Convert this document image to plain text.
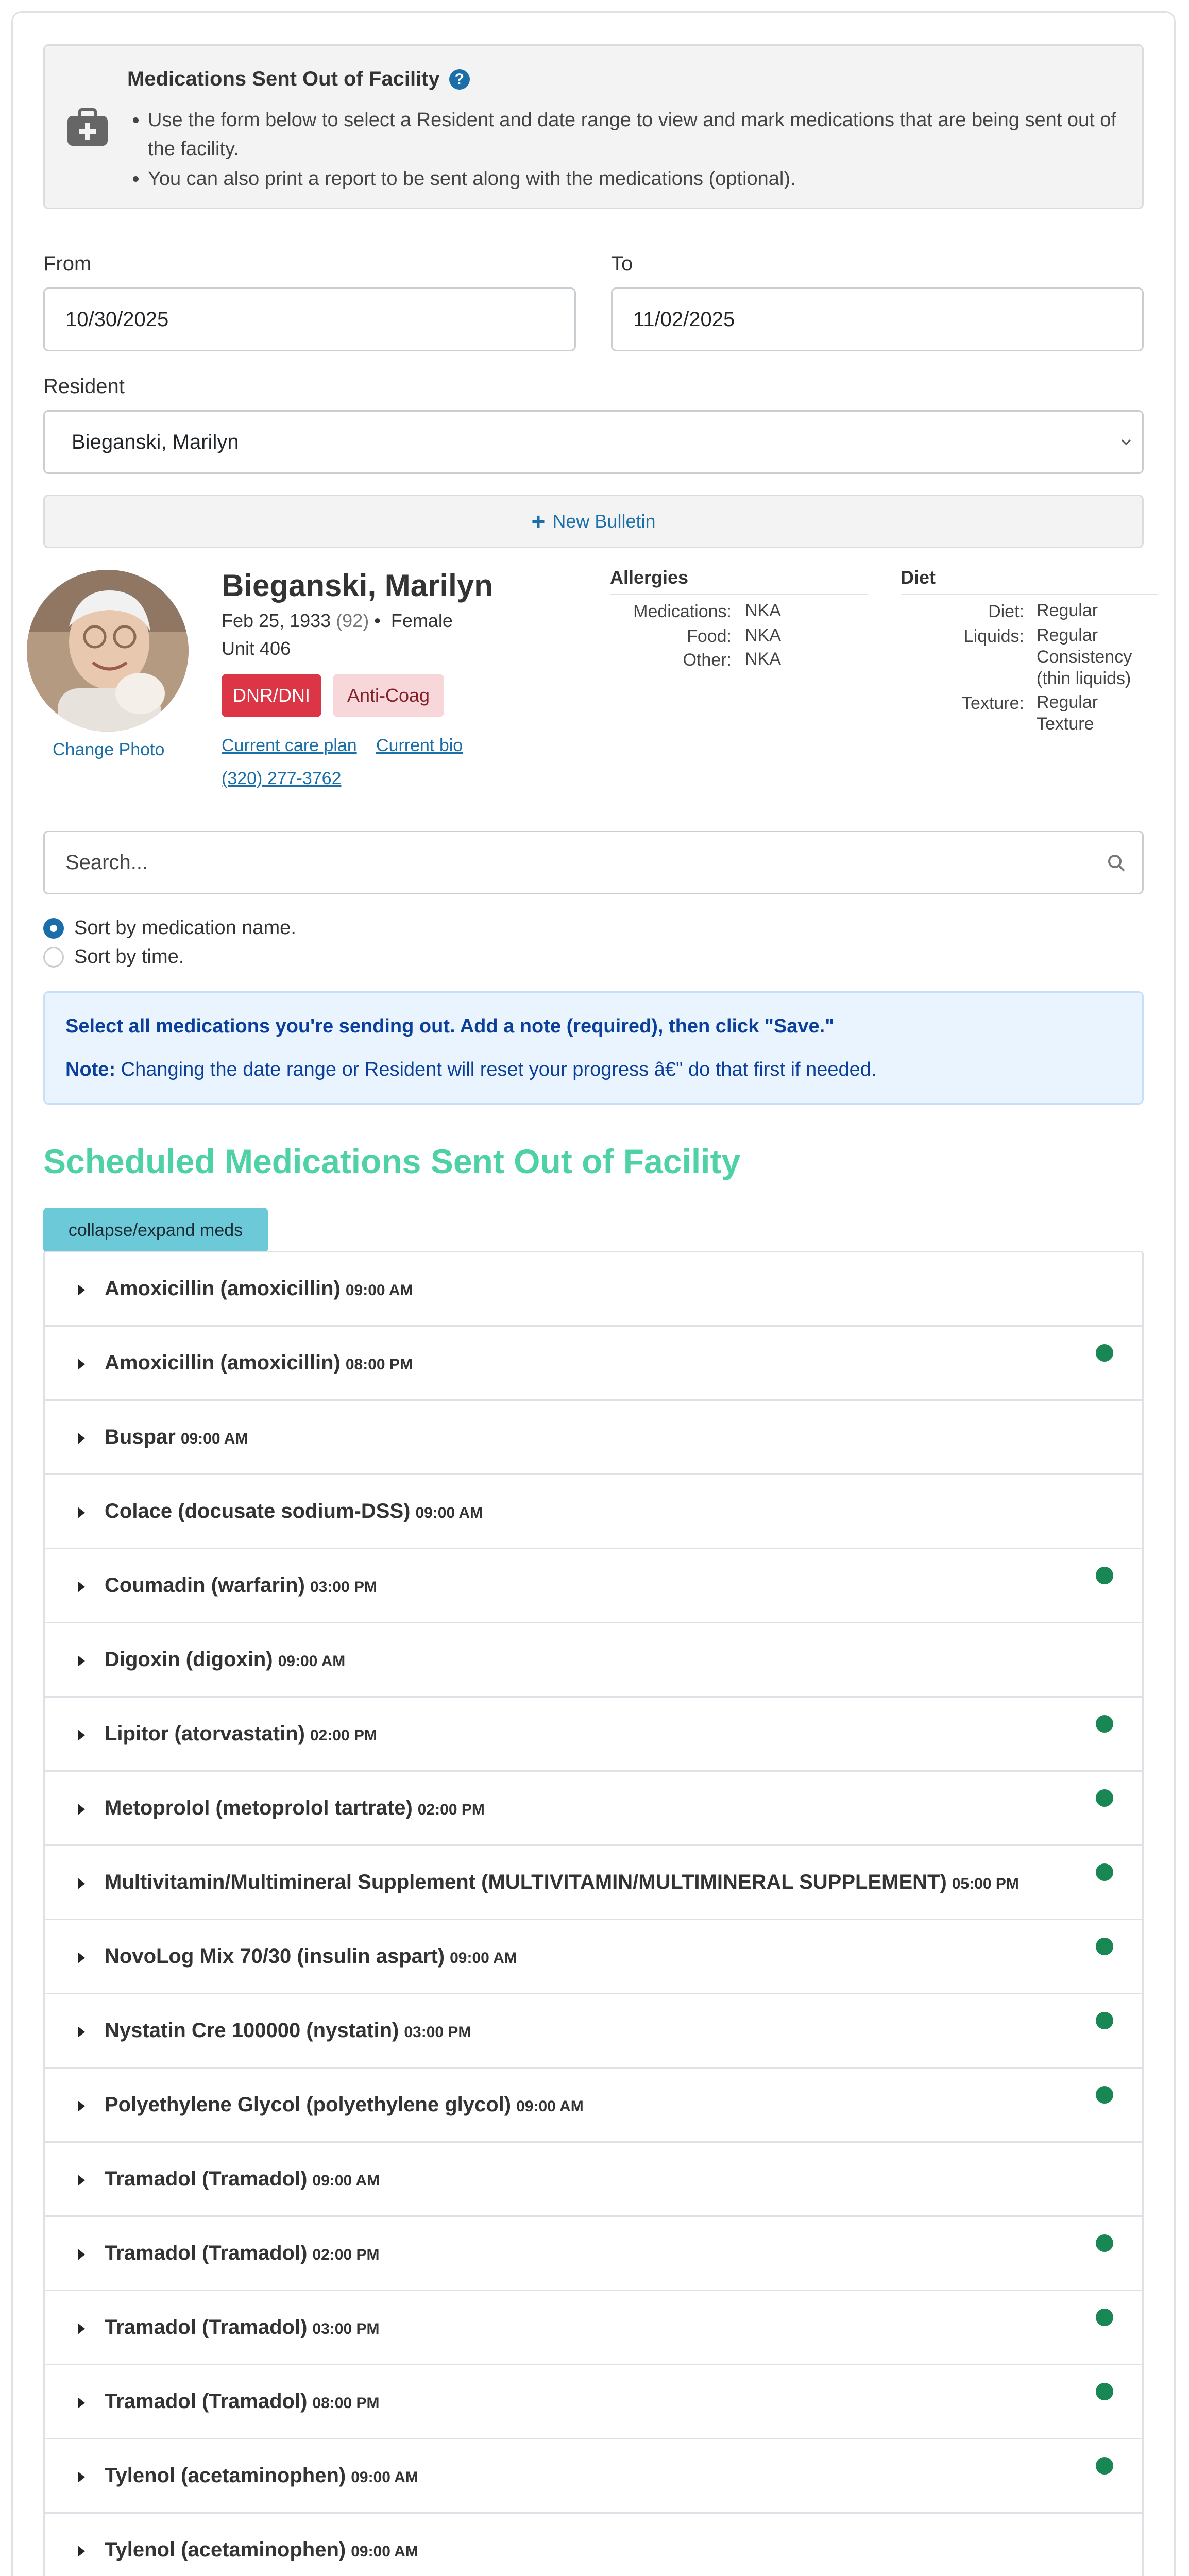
Medications Sent Out of Facility ?
• Use the form below to select a Resident and date range to view and mark medications that are being sent out of the facility.
• You can also print a report to be sent along with the medications (optional).
From
10/30/2025
To
11/02/2025
Resident
Bieganski, Marilyn
+ New Bulletin
Change Photo
Bieganski, Marilyn
Feb 25, 1933 (92) • Female
Unit 406
DNR/DNI	Anti-Coag
Current care plan Current bio
(320) 277-3762
Allergies
Medications: NKA
Food: NKA
Other: NKA
Diet
Diet: Regular
Liquids: Regular Consistency (thin liquids)
Texture: Regular Texture
Search...
Sort by medication name.
Sort by time.
Select all medications you're sending out. Add a note (required), then click "Save."
Note: Changing the date range or Resident will reset your progress â€" do that first if needed.
Scheduled Medications Sent Out of Facility
collapse/expand meds
Amoxicillin (amoxicillin) 09:00 AM
Amoxicillin (amoxicillin) 08:00 PM
Buspar 09:00 AM
Colace (docusate sodium-DSS) 09:00 AM
Coumadin (warfarin) 03:00 PM
Digoxin (digoxin) 09:00 AM
Lipitor (atorvastatin) 02:00 PM
Metoprolol (metoprolol tartrate) 02:00 PM
Multivitamin/Multimineral Supplement (MULTIVITAMIN/MULTIMINERAL SUPPLEMENT) 05:00 PM
NovoLog Mix 70/30 (insulin aspart) 09:00 AM
Nystatin Cre 100000 (nystatin) 03:00 PM
Polyethylene Glycol (polyethylene glycol) 09:00 AM
Tramadol (Tramadol) 09:00 AM
Tramadol (Tramadol) 02:00 PM
Tramadol (Tramadol) 03:00 PM
Tramadol (Tramadol) 08:00 PM
Tylenol (acetaminophen) 09:00 AM
Tylenol (acetaminophen) 09:00 AM
